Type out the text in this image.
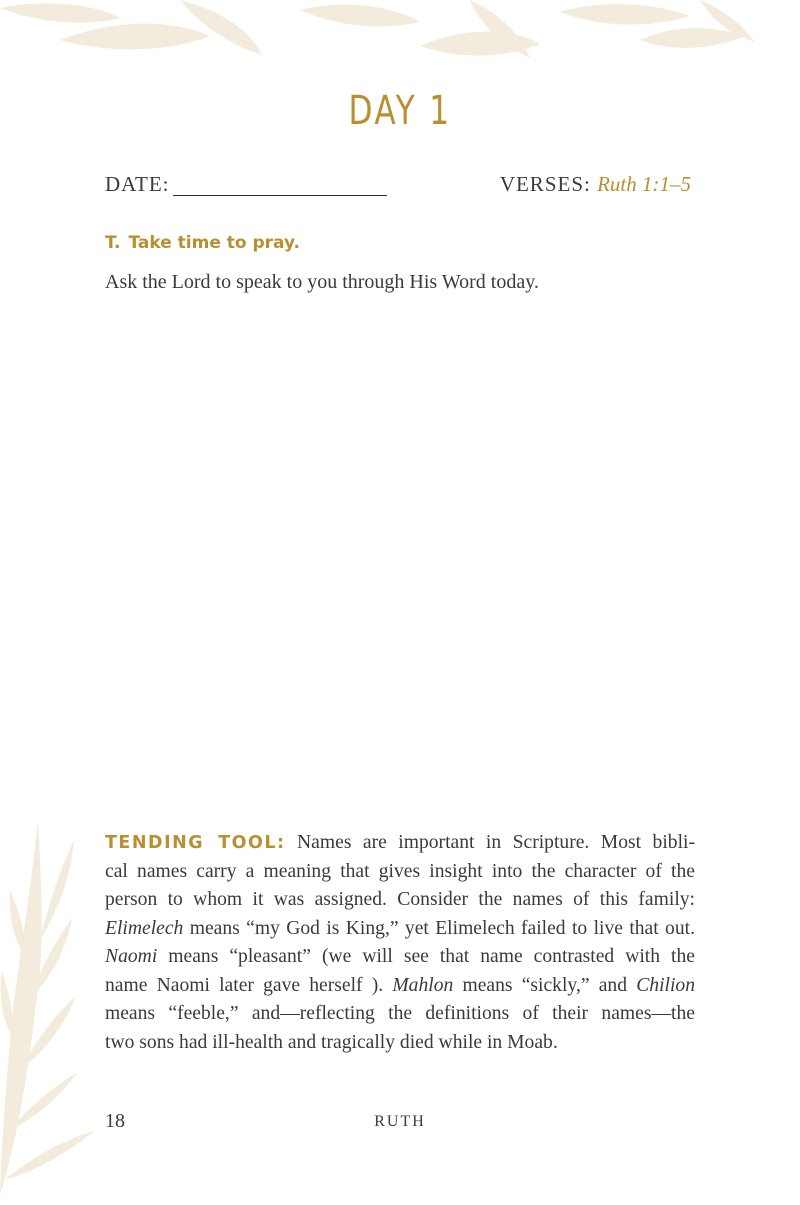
DAY 1
DATE:	VERSES: Ruth 1:1–5
T. Take time to pray.
Ask the Lord to speak to you through His Word today.
TENDING TOOL: Names are important in Scripture. Most bibli-
cal names carry a meaning that gives insight into the character of the
person to whom it was assigned. Consider the names of this family:
Elimelech means “my God is King,” yet Elimelech failed to live that out.
Naomi means “pleasant” (we will see that name contrasted with the
name Naomi later gave herself ). Mahlon means “sickly,” and Chilion
means “feeble,” and—reflecting the definitions of their names—the
two sons had ill-health and tragically died while in Moab.
18	RUTH
